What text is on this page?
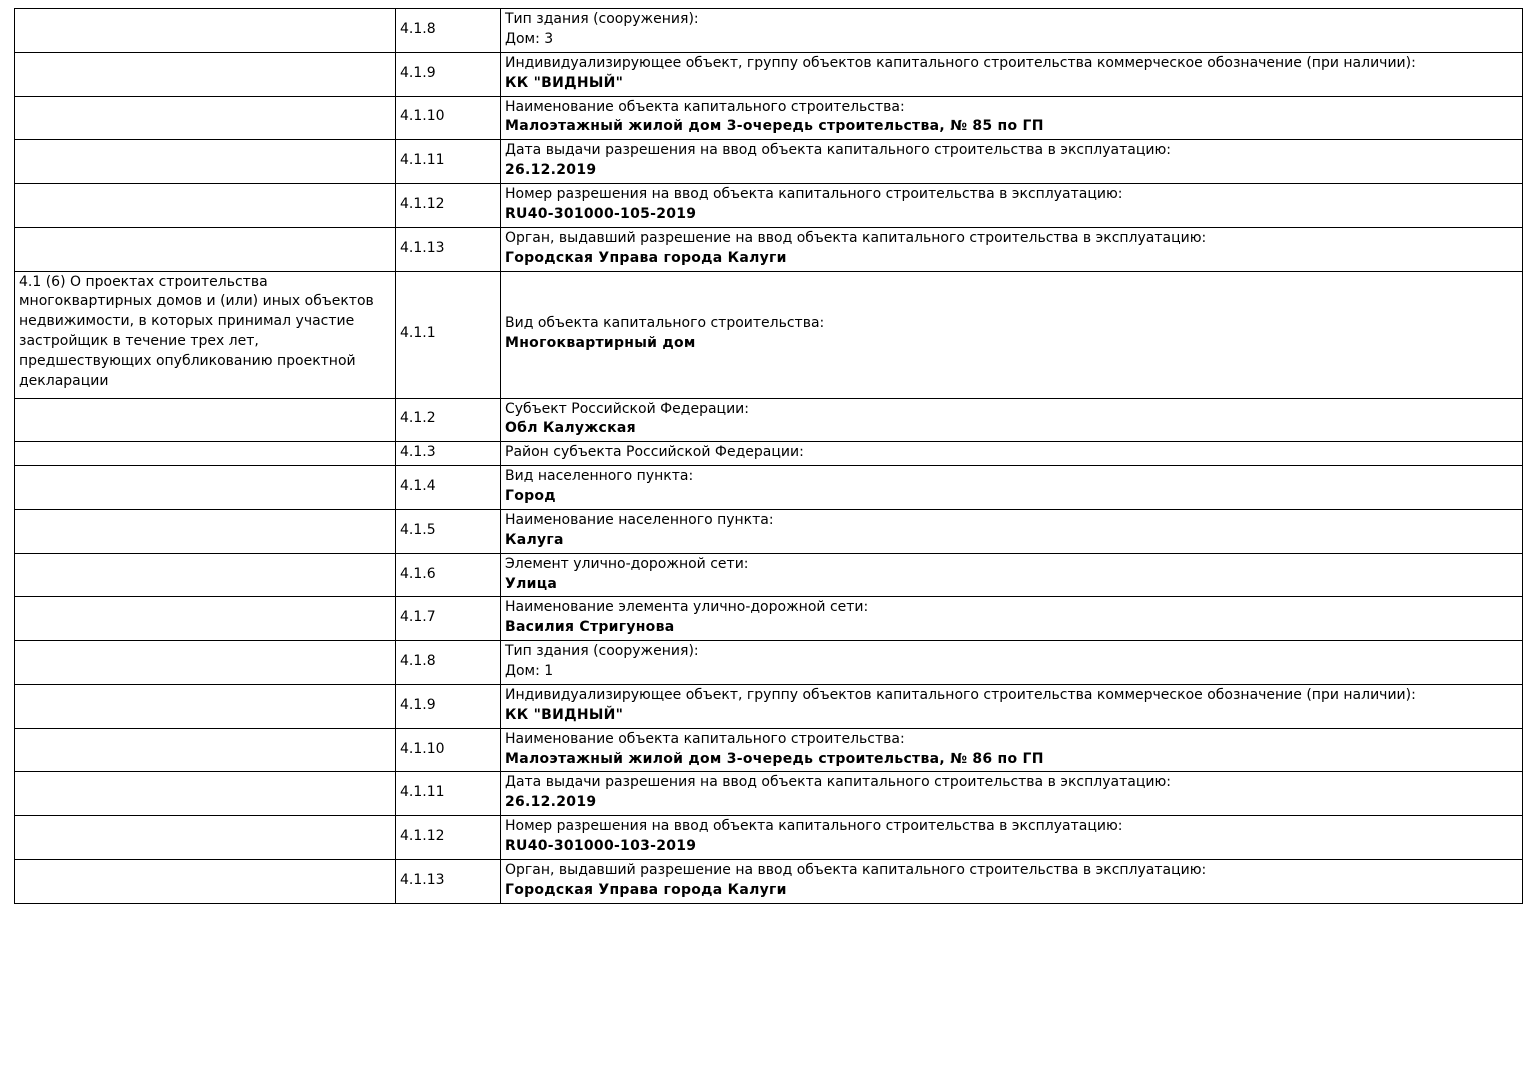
	4.1.8	Тип здания (сооружения):
Дом: 3

	4.1.9	Индивидуализирующее объект, группу объектов капитального строительства коммерческое обозначение (при наличии):
КК "ВИДНЫЙ"

	4.1.10	Наименование объекта капитального строительства:
Малоэтажный жилой дом 3-очередь строительства, № 85 по ГП

	4.1.11	Дата выдачи разрешения на ввод объекта капитального строительства в эксплуатацию:
26.12.2019

	4.1.12	Номер разрешения на ввод объекта капитального строительства в эксплуатацию:
RU40-301000-105-2019

	4.1.13	Орган, выдавший разрешение на ввод объекта капитального строительства в эксплуатацию:
Городская Управа города Калуги

4.1 (6) О проектах строительства многоквартирных домов и (или) иных объектов недвижимости, в которых принимал участие застройщик в течение трех лет, предшествующих опубликованию проектной декларации	4.1.1	Вид объекта капитального строительства:
Многоквартирный дом

	4.1.2	Субъект Российской Федерации:
Обл Калужская

	4.1.3	Район субъекта Российской Федерации:

	4.1.4	Вид населенного пункта:
Город

	4.1.5	Наименование населенного пункта:
Калуга

	4.1.6	Элемент улично-дорожной сети:
Улица

	4.1.7	Наименование элемента улично-дорожной сети:
Василия Стригунова

	4.1.8	Тип здания (сооружения):
Дом: 1

	4.1.9	Индивидуализирующее объект, группу объектов капитального строительства коммерческое обозначение (при наличии):
КК "ВИДНЫЙ"

	4.1.10	Наименование объекта капитального строительства:
Малоэтажный жилой дом 3-очередь строительства, № 86 по ГП

	4.1.11	Дата выдачи разрешения на ввод объекта капитального строительства в эксплуатацию:
26.12.2019

	4.1.12	Номер разрешения на ввод объекта капитального строительства в эксплуатацию:
RU40-301000-103-2019

	4.1.13	Орган, выдавший разрешение на ввод объекта капитального строительства в эксплуатацию:
Городская Управа города Калуги
